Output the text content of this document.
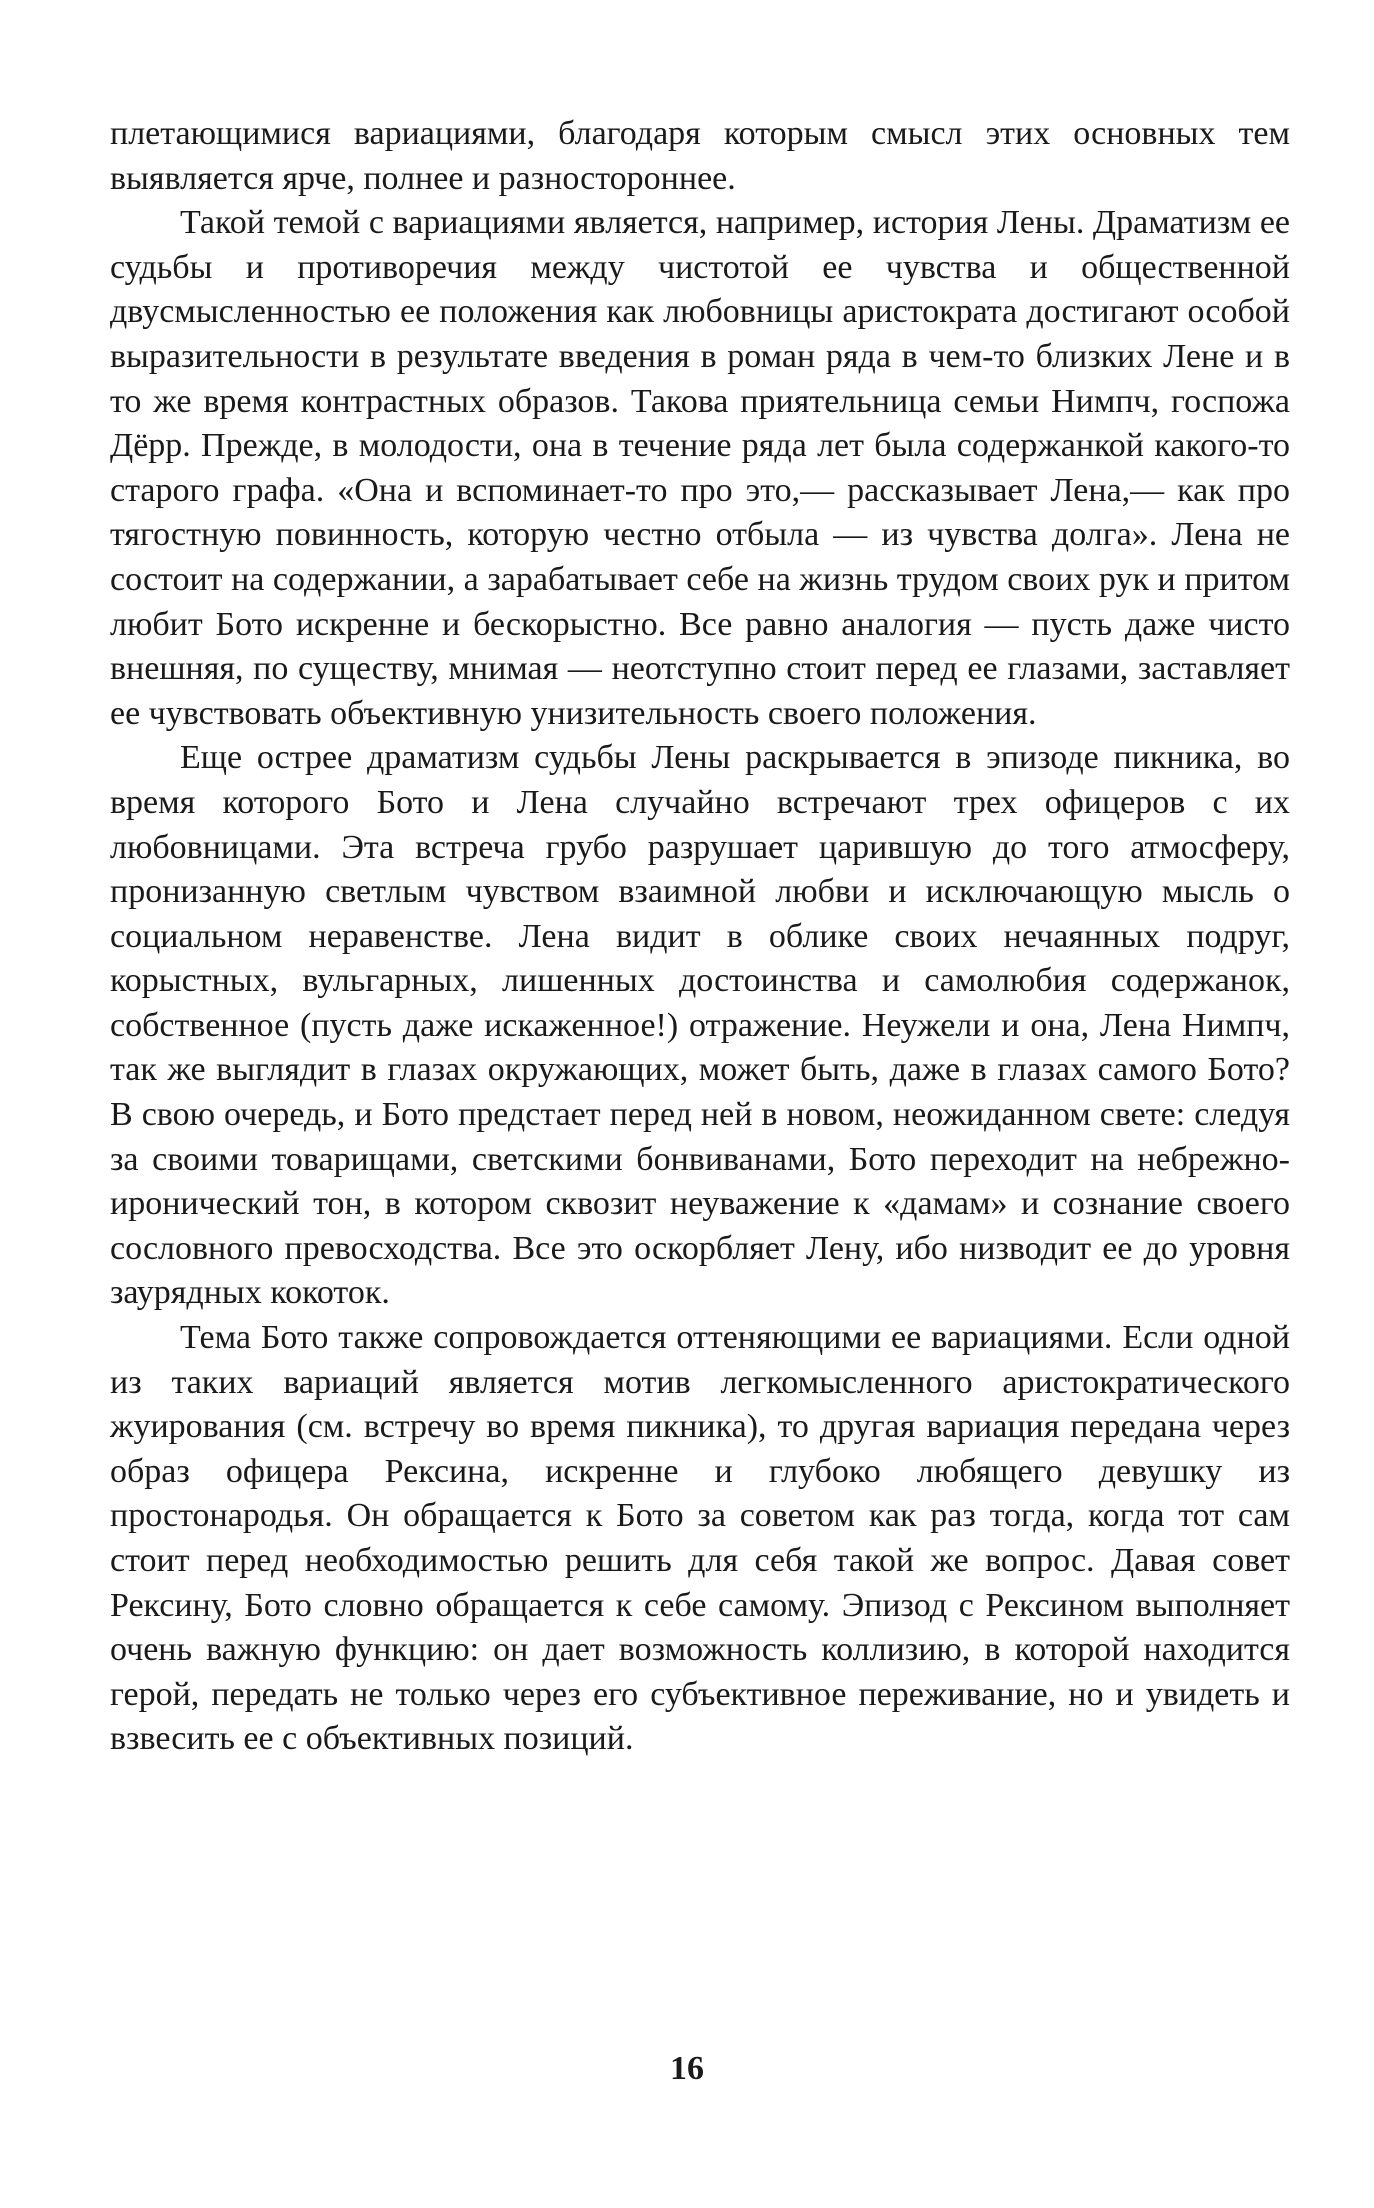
плетающимися вариациями, благодаря которым смысл этих основных тем выявляется ярче, полнее и разностороннее.

Такой темой с вариациями является, например, история Лены. Драматизм ее судьбы и противоречия между чистотой ее чувства и общественной двусмысленностью ее положения как любовницы аристократа достигают особой выразительности в результате введения в роман ряда в чем-то близких Лене и в то же время контрастных образов. Такова приятельница семьи Нимпч, госпожа Дёрр. Прежде, в молодости, она в течение ряда лет была содержанкой какого-то старого графа. «Она и вспоминает-то про это,— рассказывает Лена,— как про тягостную повинность, которую честно отбыла — из чувства долга». Лена не состоит на содержании, а зарабатывает себе на жизнь трудом своих рук и притом любит Бото искренне и бескорыстно. Все равно аналогия — пусть даже чисто внешняя, по существу, мнимая — неотступно стоит перед ее глазами, заставляет ее чувствовать объективную унизительность своего положения.

Еще острее драматизм судьбы Лены раскрывается в эпизоде пикника, во время которого Бото и Лена случайно встречают трех офицеров с их любовницами. Эта встреча грубо разрушает царившую до того атмосферу, пронизанную светлым чувством взаимной любви и исключающую мысль о социальном неравенстве. Лена видит в облике своих нечаянных подруг, корыстных, вульгарных, лишенных достоинства и самолюбия содержанок, собственное (пусть даже искаженное!) отражение. Неужели и она, Лена Нимпч, так же выглядит в глазах окружающих, может быть, даже в глазах самого Бото? В свою очередь, и Бото предстает перед ней в новом, неожиданном свете: следуя за своими товарищами, светскими бонвиванами, Бото переходит на небрежно-иронический тон, в котором сквозит неуважение к «дамам» и сознание своего сословного превосходства. Все это оскорбляет Лену, ибо низводит ее до уровня заурядных кокоток.

Тема Бото также сопровождается оттеняющими ее вариациями. Если одной из таких вариаций является мотив легкомысленного аристократического жуирования (см. встречу во время пикника), то другая вариация передана через образ офицера Рексина, искренне и глубоко любящего девушку из простонародья. Он обращается к Бото за советом как раз тогда, когда тот сам стоит перед необходимостью решить для себя такой же вопрос. Давая совет Рексину, Бото словно обращается к себе самому. Эпизод с Рексином выполняет очень важную функцию: он дает возможность коллизию, в которой находится герой, передать не только через его субъективное переживание, но и увидеть и взвесить ее с объективных позиций.

16
